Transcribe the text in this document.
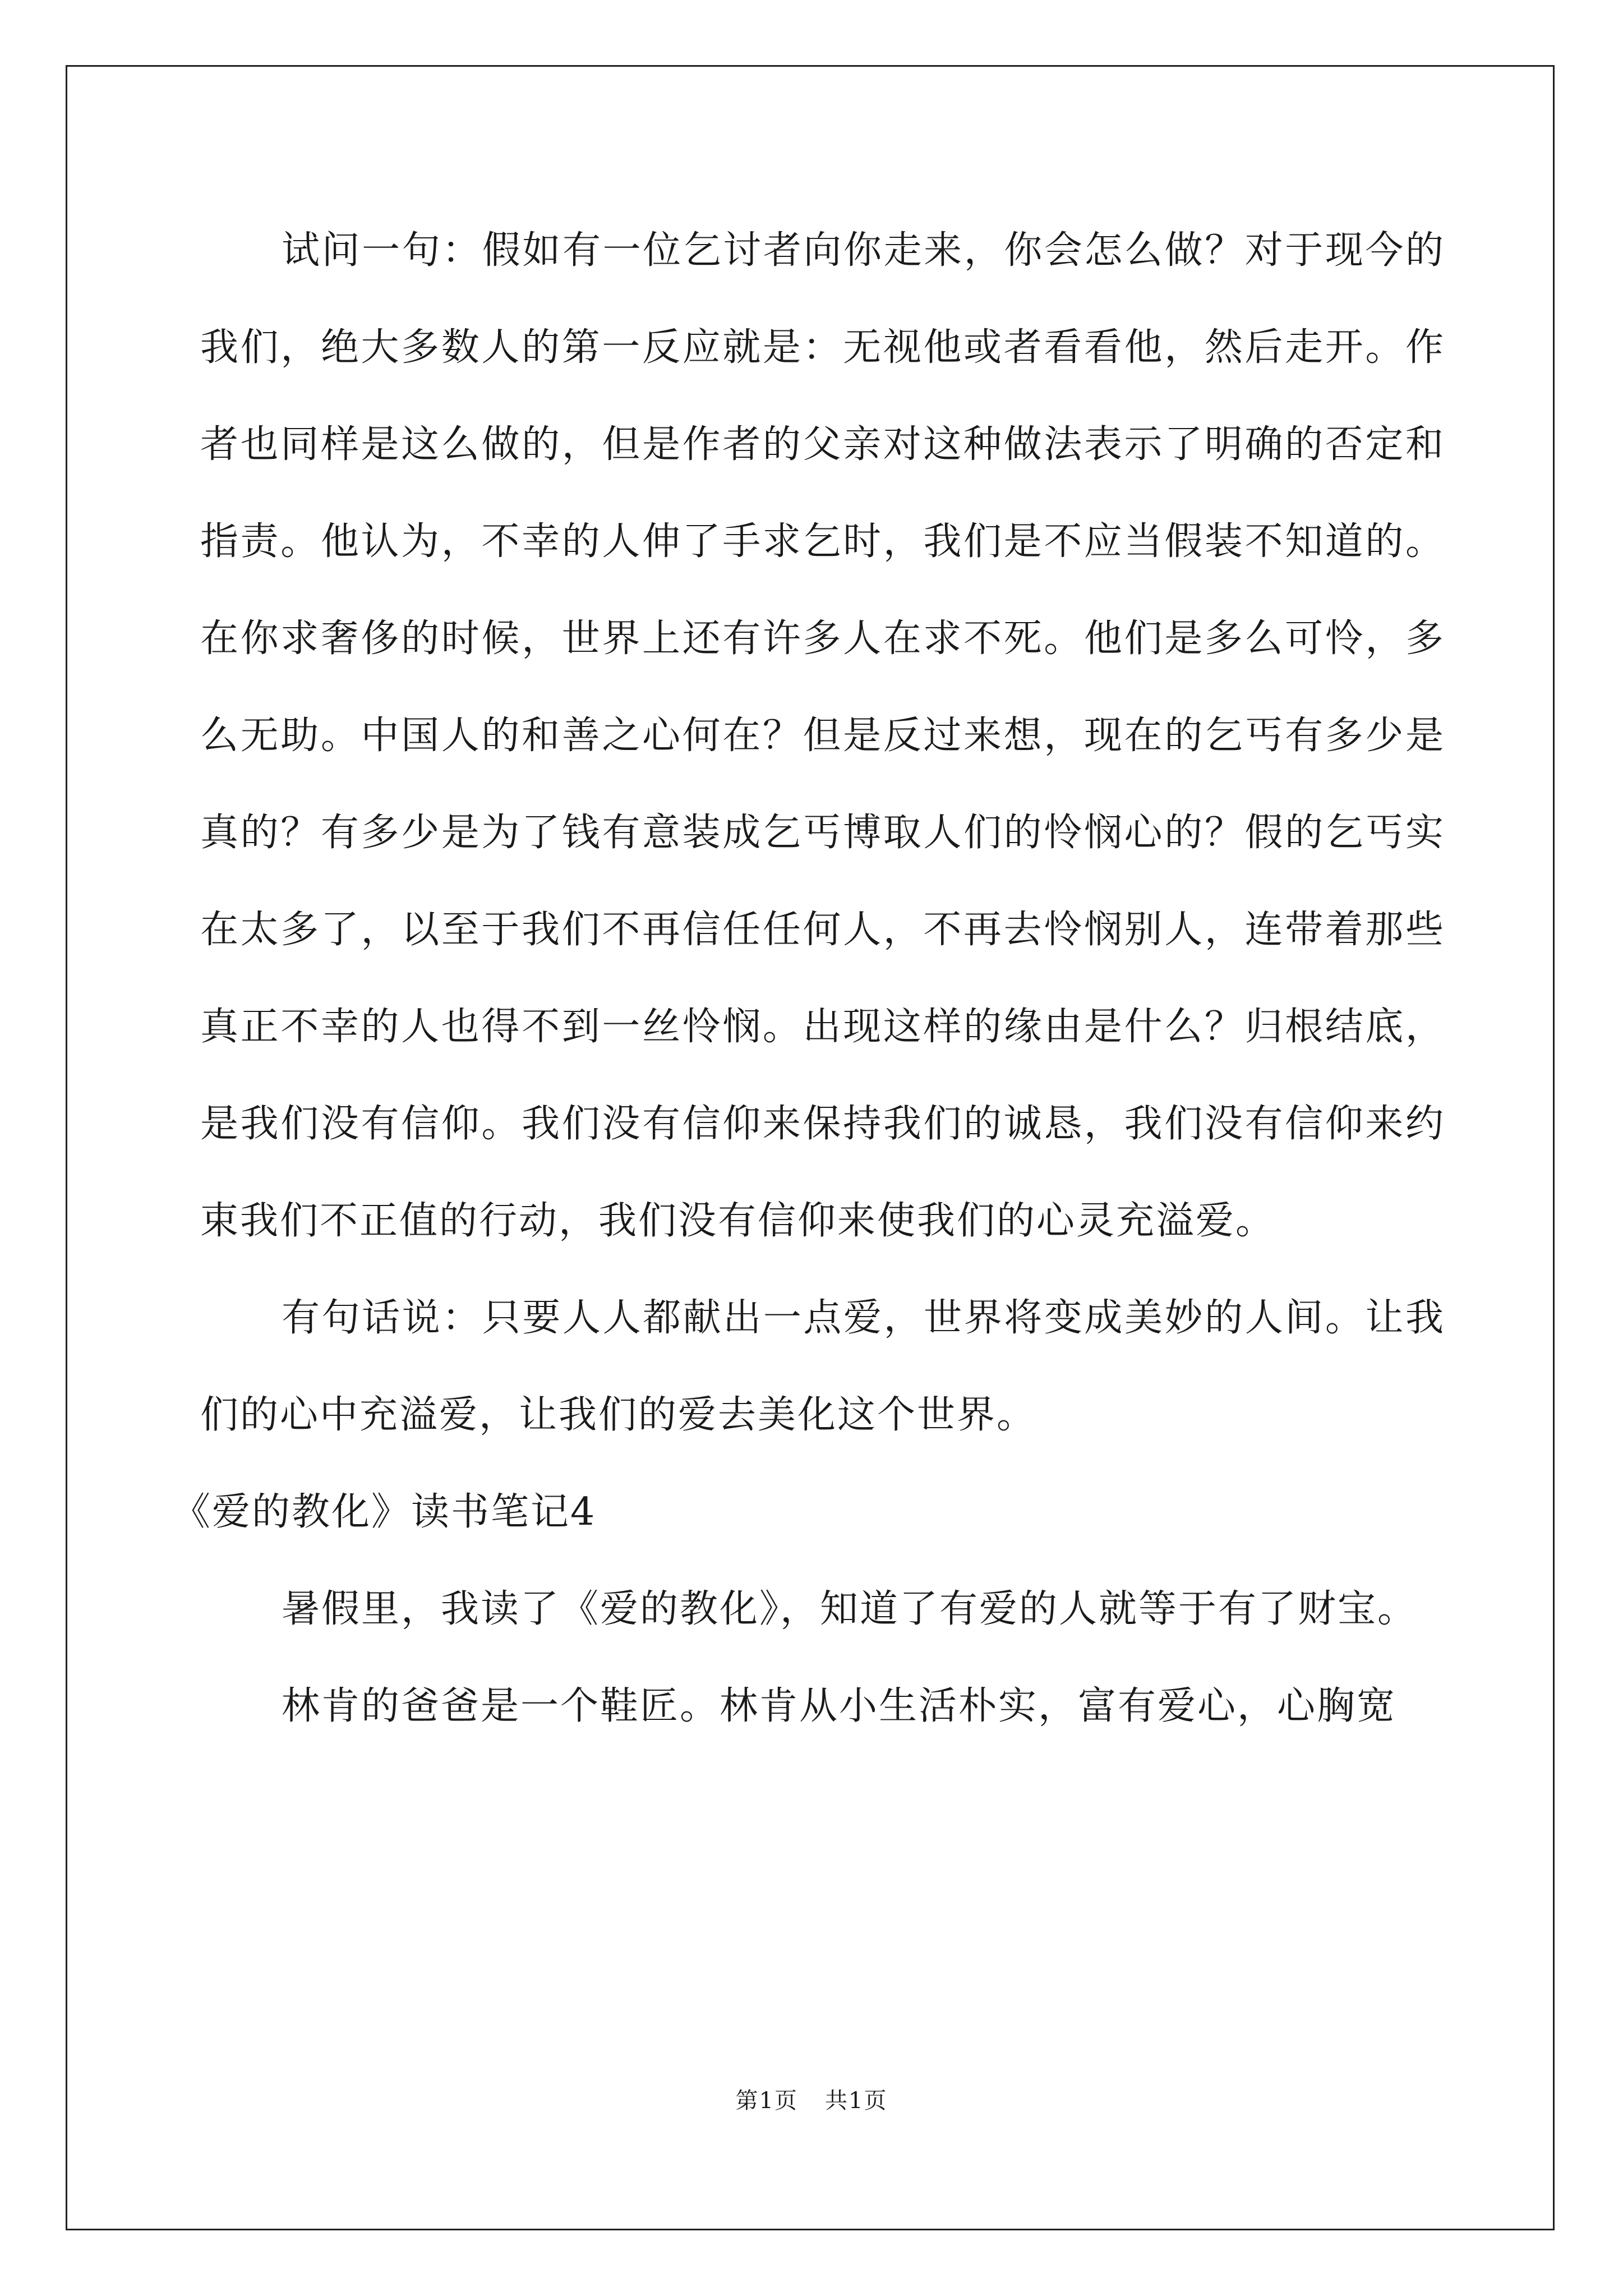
试问一句：假如有一位乞讨者向你走来，你会怎么做？对于现今的我们，绝大多数人的第一反应就是：无视他或者看看他，然后走开。作者也同样是这么做的，但是作者的父亲对这种做法表示了明确的否定和指责。他认为，不幸的人伸了手求乞时，我们是不应当假装不知道的。在你求奢侈的时候，世界上还有许多人在求不死。他们是多么可怜，多么无助。中国人的和善之心何在？但是反过来想，现在的乞丐有多少是真的？有多少是为了钱有意装成乞丐博取人们的怜悯心的？假的乞丐实在太多了，以至于我们不再信任任何人，不再去怜悯别人，连带着那些真正不幸的人也得不到一丝怜悯。出现这样的缘由是什么？归根结底，是我们没有信仰。我们没有信仰来保持我们的诚恳，我们没有信仰来约束我们不正值的行动，我们没有信仰来使我们的心灵充溢爱。

有句话说：只要人人都献出一点爱，世界将变成美妙的人间。让我们的心中充溢爱，让我们的爱去美化这个世界。

《爱的教化》读书笔记4

暑假里，我读了《爱的教化》，知道了有爱的人就等于有了财宝。

林肯的爸爸是一个鞋匠。林肯从小生活朴实，富有爱心，心胸宽

第1页 共1页
